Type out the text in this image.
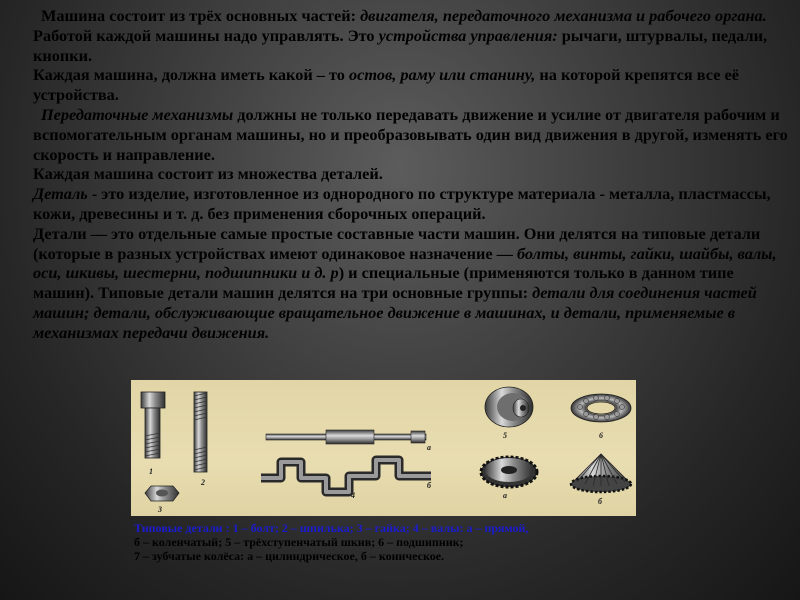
Машина состоит из трёх основных частей: двигателя, передаточного механизма и рабочего органа.

Работой каждой машины надо управлять. Это устройства управления: рычаги, штурвалы, педали, кнопки.

Каждая машина, должна иметь какой – то остов, раму или станину, на которой крепятся все её устройства.

Передаточные механизмы должны не только передавать движение и усилие от двигателя рабочим и вспомогательным органам машины, но и преобразовывать один вид движения в другой, изменять его скорость и направление.

Каждая машина состоит из множества деталей.

Деталь - это изделие, изготовленное из однородного по структуре материала - металла, пластмассы, кожи, древесины и т. д. без применения сборочных операций.

Детали — это отдельные самые простые составные части машин. Они делятся на типовые детали (которые в разных устройствах имеют одинаковое назначение — болты, винты, гайки, шайбы, валы, оси, шкивы, шестерни, подшипники и д. р) и специальные (применяются только в данном типе машин). Типовые детали машин делятся на три основные группы: детали для соединения частей машин; детали, обслуживающие вращательное движение в машинах, и детали, применяемые в механизмах передачи движения.

1
2
3
а
4
б
5	6
а
б
Типовые детали : 1 – болт; 2 – шпилька; 3 – гайка; 4 – валы: а – прямой,
б – коленчатый; 5 – трёхступенчатый шкив; 6 – подшипник;
7 – зубчатые колёса: а – цилиндрическое, б – коническое.
